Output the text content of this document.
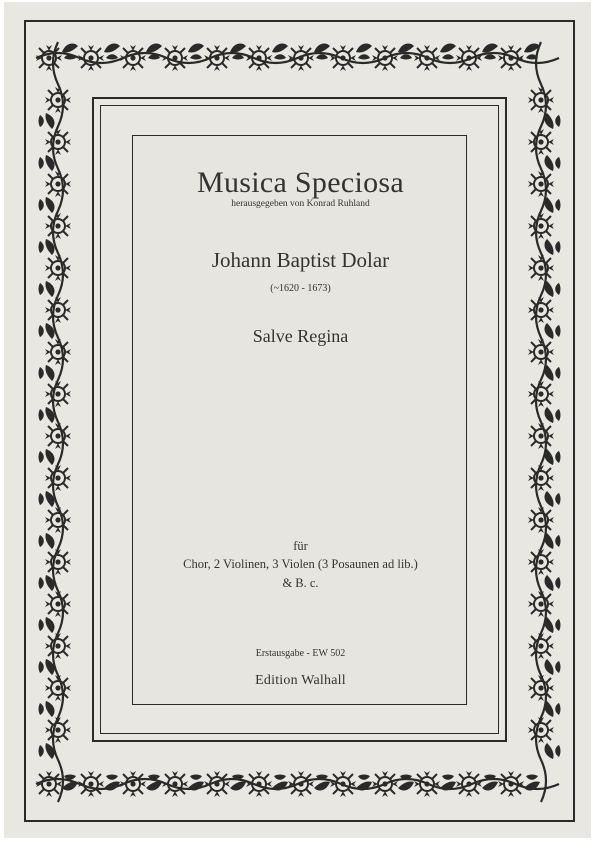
Musica Speciosa
herausgegeben von Konrad Ruhland
Johann Baptist Dolar
(~1620 - 1673)
Salve Regina
für
Chor, 2 Violinen, 3 Violen (3 Posaunen ad lib.)
& B. c.
Erstausgabe - EW 502
Edition Walhall
